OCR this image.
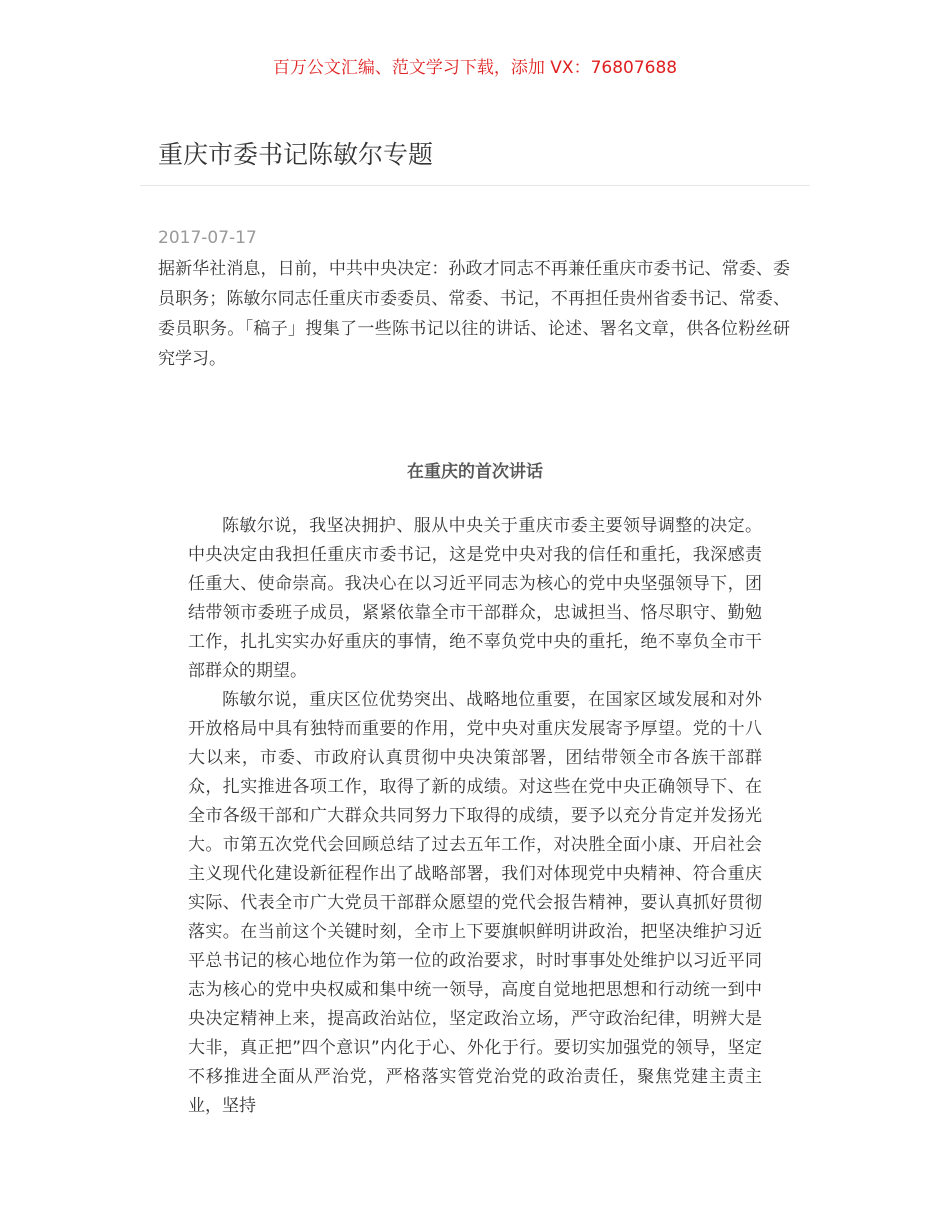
百万公文汇编、范文学习下载，添加 VX：76807688
重庆市委书记陈敏尔专题
2017-07-17

据新华社消息，日前，中共中央决定：孙政才同志不再兼任重庆市委书记、常委、委员职务；陈敏尔同志任重庆市委委员、常委、书记，不再担任贵州省委书记、常委、委员职务。「稿子」搜集了一些陈书记以往的讲话、论述、署名文章，供各位粉丝研究学习。

在重庆的首次讲话

陈敏尔说，我坚决拥护、服从中央关于重庆市委主要领导调整的决定。中央决定由我担任重庆市委书记，这是党中央对我的信任和重托，我深感责任重大、使命崇高。我决心在以习近平同志为核心的党中央坚强领导下，团结带领市委班子成员，紧紧依靠全市干部群众，忠诚担当、恪尽职守、勤勉工作，扎扎实实办好重庆的事情，绝不辜负党中央的重托，绝不辜负全市干部群众的期望。

陈敏尔说，重庆区位优势突出、战略地位重要，在国家区域发展和对外开放格局中具有独特而重要的作用，党中央对重庆发展寄予厚望。党的十八大以来，市委、市政府认真贯彻中央决策部署，团结带领全市各族干部群众，扎实推进各项工作，取得了新的成绩。对这些在党中央正确领导下、在全市各级干部和广大群众共同努力下取得的成绩，要予以充分肯定并发扬光大。市第五次党代会回顾总结了过去五年工作，对决胜全面小康、开启社会主义现代化建设新征程作出了战略部署，我们对体现党中央精神、符合重庆实际、代表全市广大党员干部群众愿望的党代会报告精神，要认真抓好贯彻落实。在当前这个关键时刻，全市上下要旗帜鲜明讲政治，把坚决维护习近平总书记的核心地位作为第一位的政治要求，时时事事处处维护以习近平同志为核心的党中央权威和集中统一领导，高度自觉地把思想和行动统一到中央决定精神上来，提高政治站位，坚定政治立场，严守政治纪律，明辨大是大非，真正把”四个意识”内化于心、外化于行。要切实加强党的领导，坚定不移推进全面从严治党，严格落实管党治党的政治责任，聚焦党建主责主业，坚持
